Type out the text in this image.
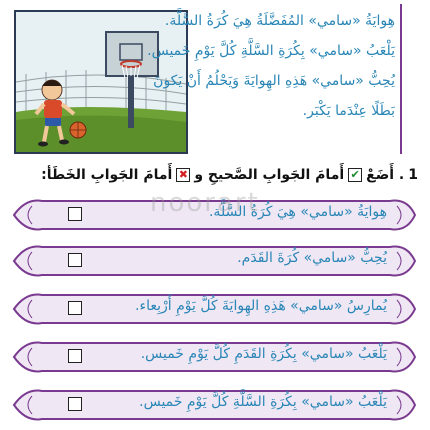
هِوايَةُ «سامي» المُفَضَّلَةُ هِيَ كُرَةُ السَّلَّة.
يَلْعَبُ «سامي» بِكُرَةِ السَّلَّةِ كُلَّ يَوْمِ خَميس.
يُحِبُّ «سامي» هَذِهِ الهِوايَةَ وَيَحْلُمُ أَنْ يَكونَ
بَطَلًا عِنْدَما يَكْبَر.
1
. أَضَعْ
✔
أَمامَ الجَوابِ الصَّحيحِ و
✖
أَمامَ الجَوابِ الخَطَأ:
هِوايَةُ «سامي» هِيَ كُرَةُ السَّلَّة.
يُحِبُّ «سامي» كُرَةَ القَدَم.
يُمارِسُ «سامي» هَذِهِ الهِوايَةَ كُلَّ يَوْمِ أَرْبِعاء.
يَلْعَبُ «سامي» بِكُرَةِ القَدَمِ كُلَّ يَوْمِ خَميس.
يَلْعَبُ «سامي» بِكُرَةِ السَّلَّةِ كُلَّ يَوْمِ خَميس.
noorart
